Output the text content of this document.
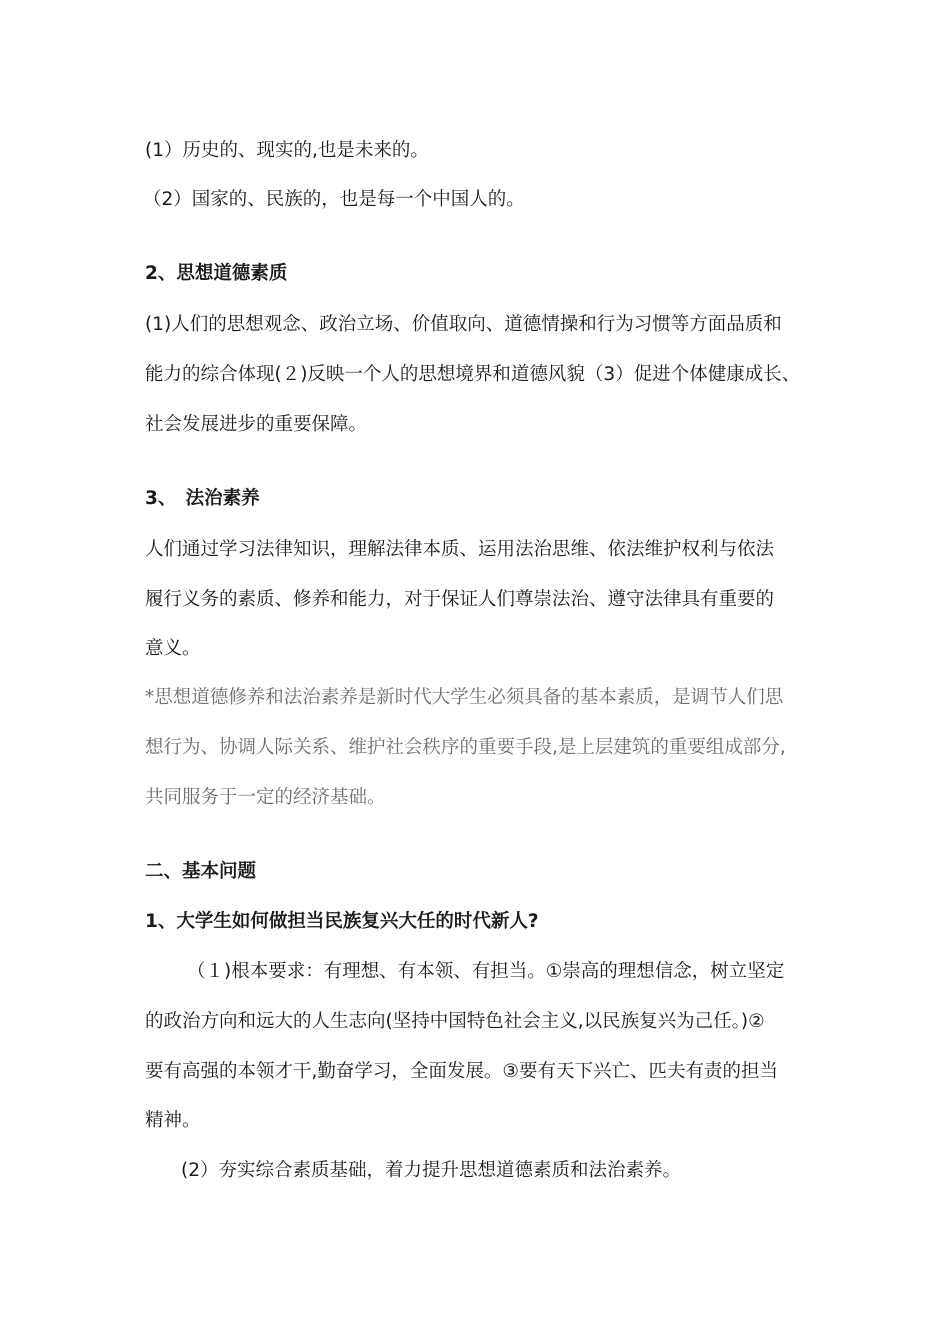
(1）历史的、现实的,也是未来的。
（2）国家的、民族的，也是每一个中国人的。
2、思想道德素质
(1)人们的思想观念、政治立场、价值取向、道德情操和行为习惯等方面品质和
能力的综合体现(２)反映一个人的思想境界和道德风貌（3）促进个体健康成长、
社会发展进步的重要保障。
3、　法治素养
人们通过学习法律知识，理解法律本质、运用法治思维、依法维护权利与依法
履行义务的素质、修养和能力，对于保证人们尊崇法治、遵守法律具有重要的
意义。
*思想道德修养和法治素养是新时代大学生必须具备的基本素质，是调节人们思
想行为、协调人际关系、维护社会秩序的重要手段,是上层建筑的重要组成部分,
共同服务于一定的经济基础。
二、基本问题
1、大学生如何做担当民族复兴大任的时代新人?
（１)根本要求：有理想、有本领、有担当。①崇高的理想信念，树立坚定
的政治方向和远大的人生志向(坚持中国特色社会主义,以民族复兴为己任。)②
要有高强的本领才干,勤奋学习，全面发展。③要有天下兴亡、匹夫有责的担当
精神。
(2）夯实综合素质基础，着力提升思想道德素质和法治素养。
